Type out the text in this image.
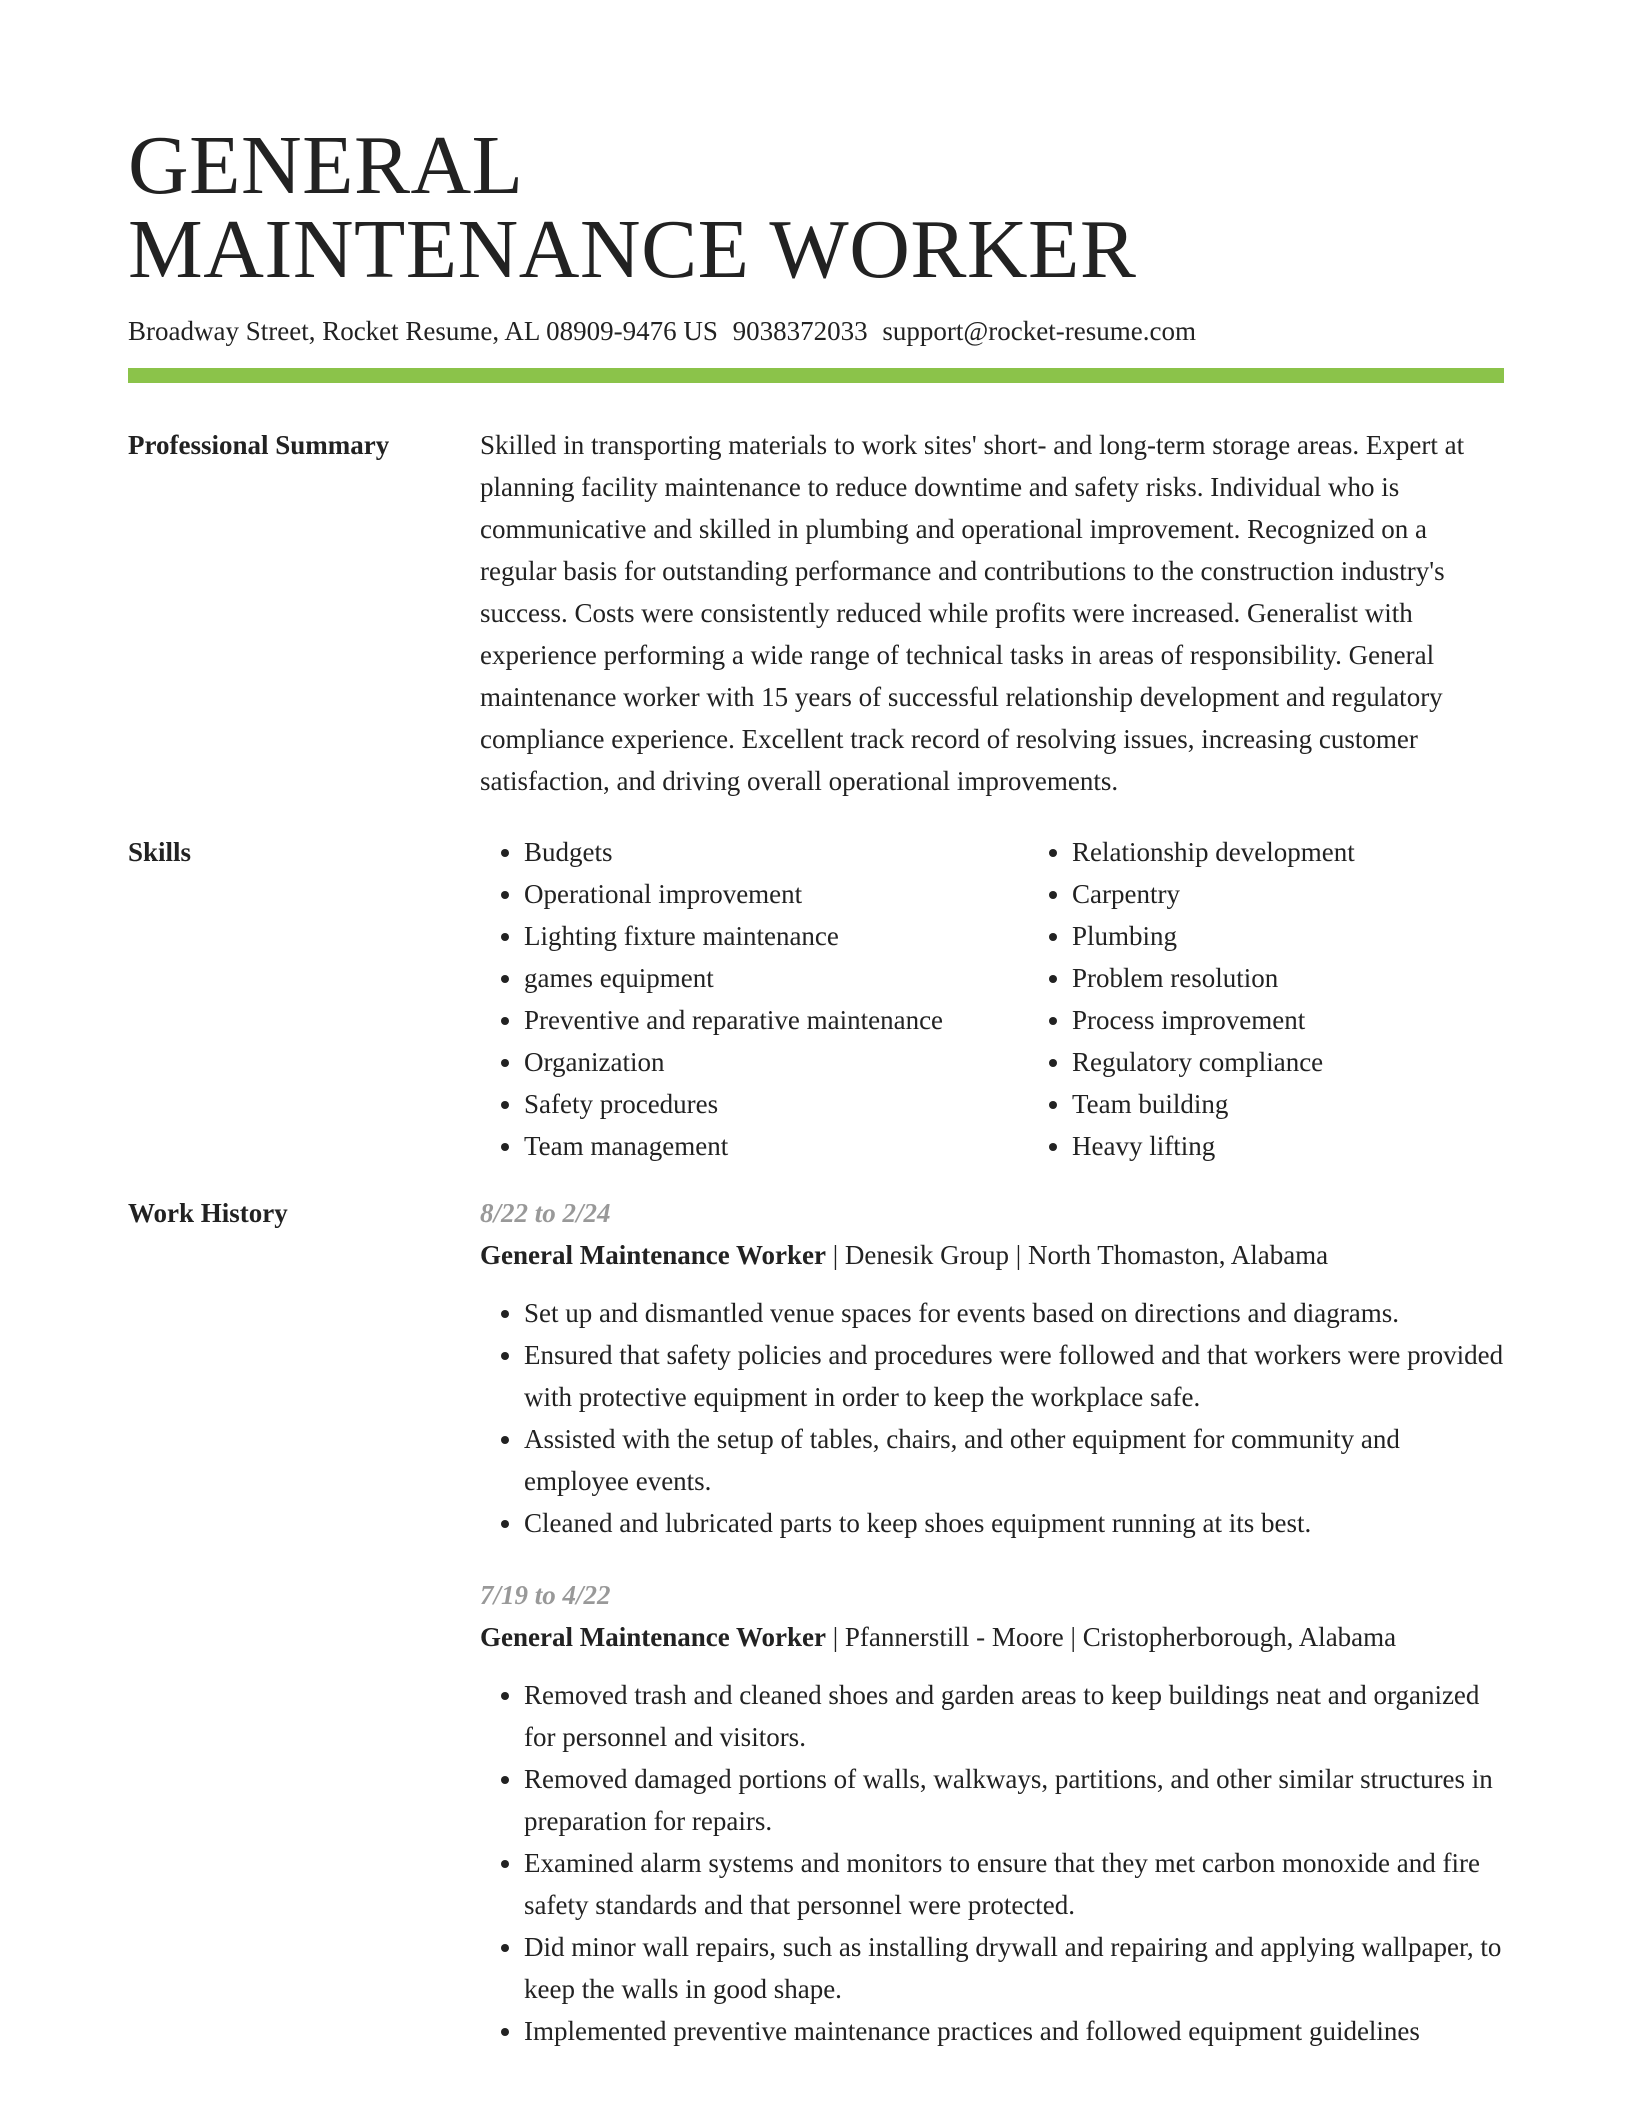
GENERAL
MAINTENANCE WORKER
Broadway Street, Rocket Resume, AL 08909-9476 US 9038372033 support@rocket-resume.com
Professional Summary	Skilled in transporting materials to work sites' short- and long-term storage areas. Expert at planning facility maintenance to reduce downtime and safety risks. Individual who is communicative and skilled in plumbing and operational improvement. Recognized on a regular basis for outstanding performance and contributions to the construction industry's success. Costs were consistently reduced while profits were increased. Generalist with experience performing a wide range of technical tasks in areas of responsibility. General maintenance worker with 15 years of successful relationship development and regulatory compliance experience. Excellent track record of resolving issues, increasing customer satisfaction, and driving overall operational improvements.

Skills
•	Budgets
• Operational improvement
• Lighting fixture maintenance
• games equipment
• Preventive and reparative maintenance
• Organization
• Safety procedures
• Team management
• Relationship development
• Carpentry
• Plumbing
• Problem resolution
• Process improvement
• Regulatory compliance
• Team building
• Heavy lifting
Work History	8/22 to 2/24
General Maintenance Worker | Denesik Group | North Thomaston, Alabama
• Set up and dismantled venue spaces for events based on directions and diagrams.
• Ensured that safety policies and procedures were followed and that workers were provided with protective equipment in order to keep the workplace safe.
• Assisted with the setup of tables, chairs, and other equipment for community and employee events.
• Cleaned and lubricated parts to keep shoes equipment running at its best.
7/19 to 4/22
General Maintenance Worker | Pfannerstill - Moore | Cristopherborough, Alabama
• Removed trash and cleaned shoes and garden areas to keep buildings neat and organized for personnel and visitors.
• Removed damaged portions of walls, walkways, partitions, and other similar structures in preparation for repairs.
• Examined alarm systems and monitors to ensure that they met carbon monoxide and fire safety standards and that personnel were protected.
• Did minor wall repairs, such as installing drywall and repairing and applying wallpaper, to keep the walls in good shape.
• Implemented preventive maintenance practices and followed equipment guidelines
